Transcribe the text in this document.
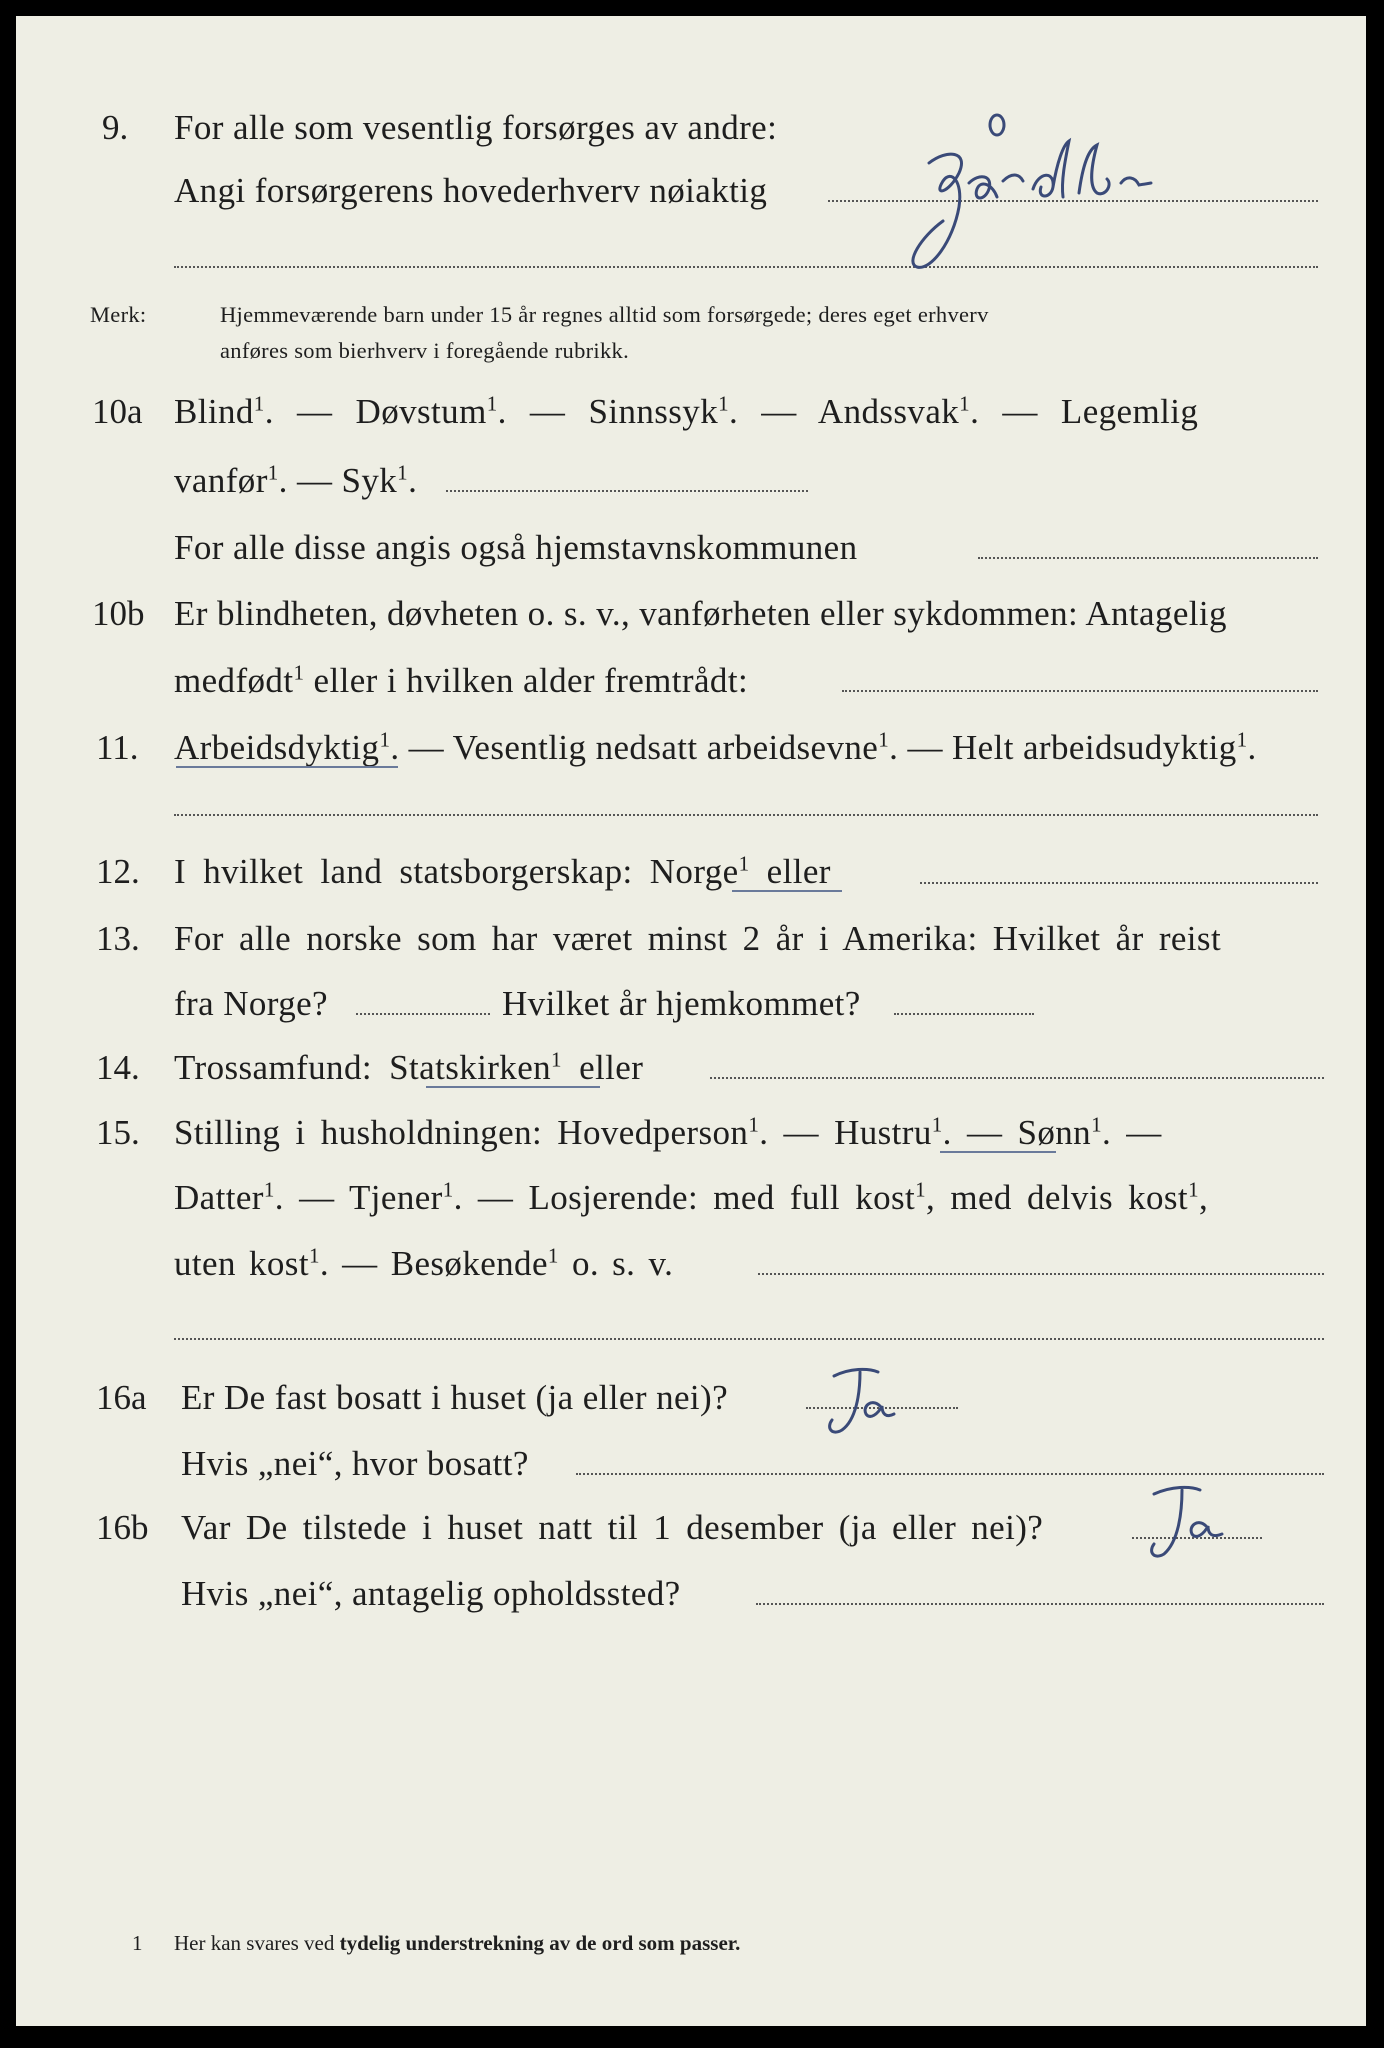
9. For alle som vesentlig forsørges av andre:
Angi forsørgerens hovederhverv nøiaktig
Merk:	Hjemmeværende barn under 15 år regnes alltid som forsørgede; deres eget erhverv
anføres som bierhverv i foregående rubrikk.
10a Blind$^1$. — Døvstum$^1$. — Sinnssyk$^1$. — Andssvak$^1$. — Legemlig
vanfør$^1$. — Syk$^1$.
For alle disse angis også hjemstavnskommunen
10b Er blindheten, døvheten o. s. v., vanførheten eller sykdommen: Antagelig
medfødt$^1$ eller i hvilken alder fremtrådt:
11. Arbeidsdyktig$^1$. — Vesentlig nedsatt arbeidsevne$^1$. — Helt arbeidsudyktig$^1$.
12. I hvilket land statsborgerskap: Norge$^1$ eller
13. For alle norske som har været minst 2 år i Amerika: Hvilket år reist
fra Norge?	Hvilket år hjemkommet?
14. Trossamfund: Statskirken$^1$ eller
15. Stilling i husholdningen: Hovedperson$^1$. — Hustru$^1$. — Sønn$^1$. —
Datter$^1$. — Tjener$^1$. — Losjerende: med full kost$^1$, med delvis kost$^1$,
uten kost$^1$. — Besøkende$^1$ o. s. v.
16a Er De fast bosatt i huset (ja eller nei)?
Hvis „nei“, hvor bosatt?
16b Var De tilstede i huset natt til 1 desember (ja eller nei)?
Hvis „nei“, antagelig opholdssted?
1 Her kan svares ved tydelig understrekning av de ord som passer.
